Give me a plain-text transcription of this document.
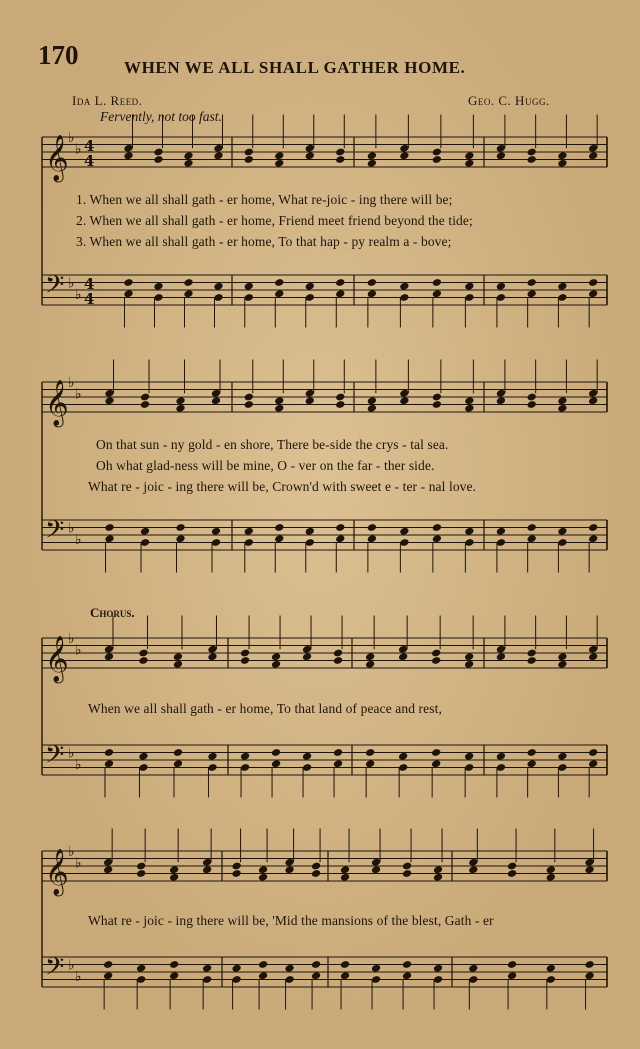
170	WHEN WE ALL SHALL GATHER HOME.
Ida L. Reed.	Geo. C. Hugg.
Fervently, not too fast.
𝄞 ♭
♭ 4
4
𝄢 ♭
♭
4
4
𝄞 ♭
♭
𝄢 ♭
♭
𝄞 ♭
♭
𝄢 ♭
♭
𝄞 ♭
♭
𝄢 ♭
♭
1. When we all shall gath - er home, What re-joic - ing there will be;
2. When we all shall gath - er home, Friend meet friend beyond the tide;
3. When we all shall gath - er home, To that hap - py realm a - bove;
On that sun - ny gold - en shore, There be-side the crys - tal sea.
Oh what glad-ness will be mine, O - ver on the far - ther side.
What re - joic - ing there will be, Crown'd with sweet e - ter - nal love.
Chorus.
When we all shall gath - er home, To that land of peace and rest,
What re - joic - ing there will be, 'Mid the mansions of the blest, Gath - er
